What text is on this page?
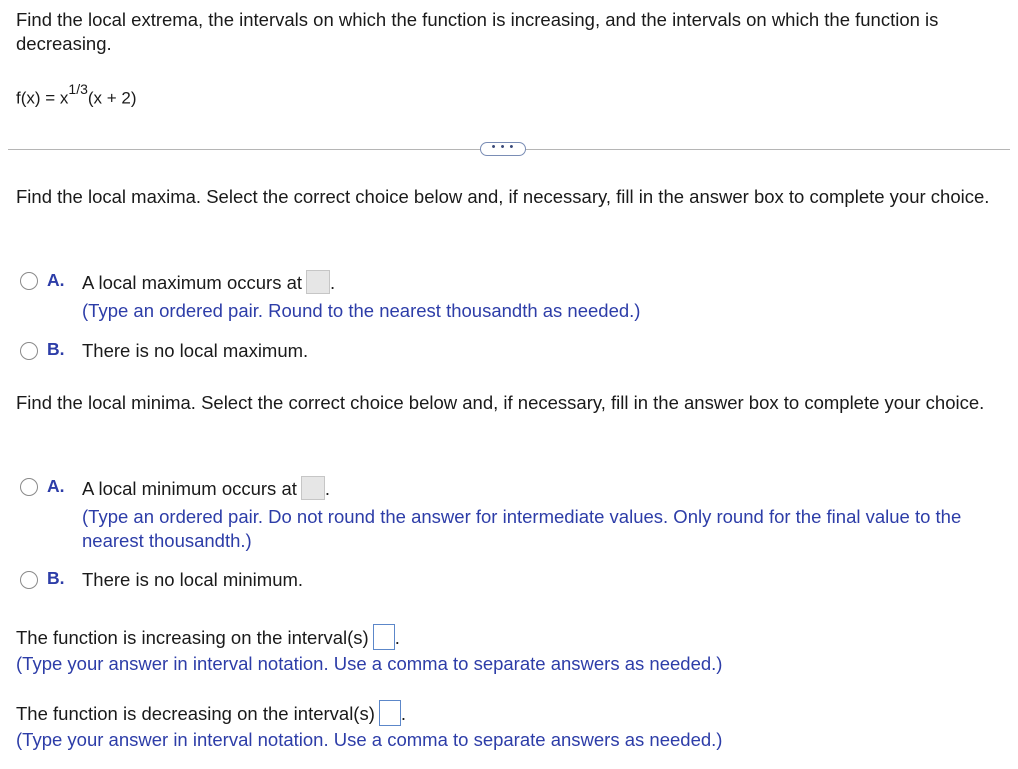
Find the local extrema, the intervals on which the function is increasing, and the intervals on which the function is decreasing.
$f(x) = x^{1/3}(x + 2)$
• • •
Find the local maxima. Select the correct choice below and, if necessary, fill in the answer box to complete your choice.
A. A local maximum occurs at .
(Type an ordered pair. Round to the nearest thousandth as needed.)
B. There is no local maximum.
Find the local minima. Select the correct choice below and, if necessary, fill in the answer box to complete your choice.
A. A local minimum occurs at .
(Type an ordered pair. Do not round the answer for intermediate values. Only round for the final value to the nearest thousandth.)
B. There is no local minimum.
The function is increasing on the interval(s) .
(Type your answer in interval notation. Use a comma to separate answers as needed.)
The function is decreasing on the interval(s) .
(Type your answer in interval notation. Use a comma to separate answers as needed.)
